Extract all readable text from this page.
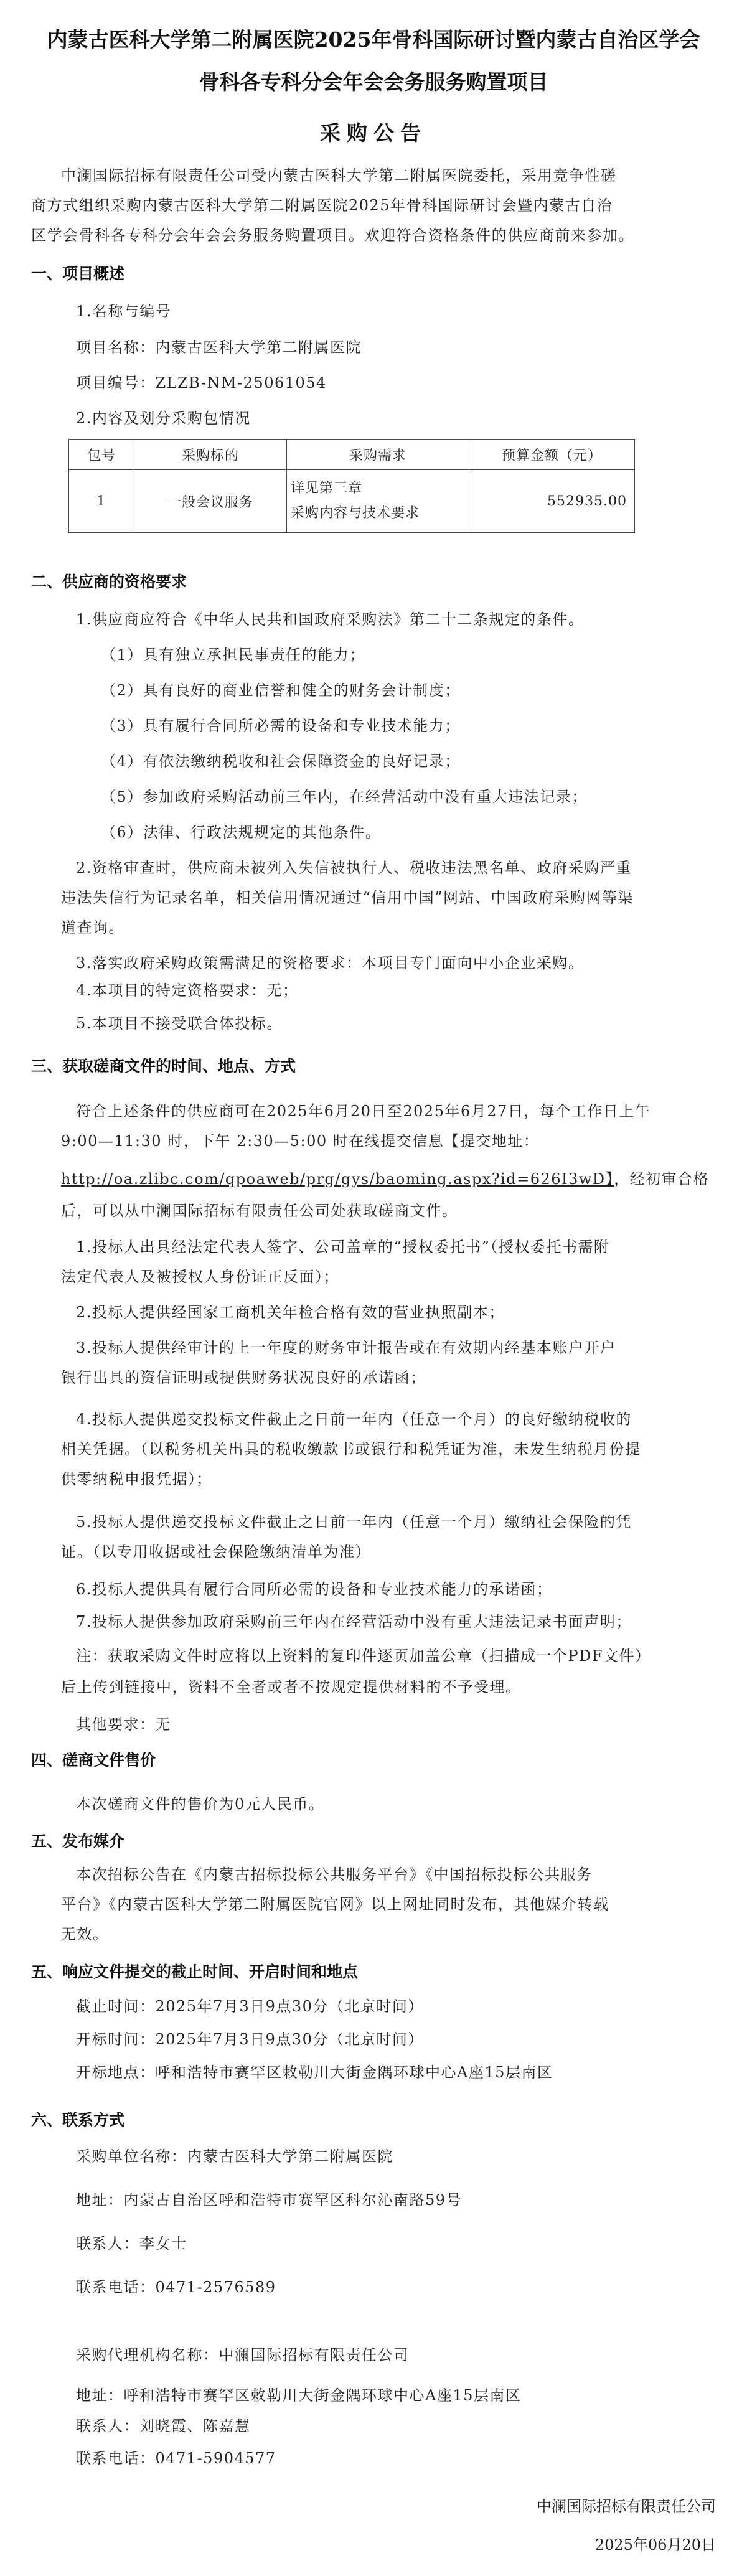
内蒙古医科大学第二附属医院2025年骨科国际研讨暨内蒙古自治区学会
骨科各专科分会年会会务服务购置项目
采购公告
中澜国际招标有限责任公司受内蒙古医科大学第二附属医院委托，采用竞争性磋
商方式组织采购内蒙古医科大学第二附属医院2025年骨科国际研讨会暨内蒙古自治
区学会骨科各专科分会年会会务服务购置项目。欢迎符合资格条件的供应商前来参加。
一、项目概述
1.名称与编号
项目名称：内蒙古医科大学第二附属医院
项目编号：ZLZB-NM-25061054
2.内容及划分采购包情况
包号	采购标的	采购需求	预算金额（元）
1	一般会议服务	详见第三章
采购内容与技术要求	552935.00
二、供应商的资格要求
1.供应商应符合《中华人民共和国政府采购法》第二十二条规定的条件。
（1）具有独立承担民事责任的能力；
（2）具有良好的商业信誉和健全的财务会计制度；
（3）具有履行合同所必需的设备和专业技术能力；
（4）有依法缴纳税收和社会保障资金的良好记录；
（5）参加政府采购活动前三年内，在经营活动中没有重大违法记录；
（6）法律、行政法规规定的其他条件。
2.资格审查时，供应商未被列入失信被执行人、税收违法黑名单、政府采购严重
违法失信行为记录名单，相关信用情况通过“信用中国”网站、中国政府采购网等渠
道查询。
3.落实政府采购政策需满足的资格要求：本项目专门面向中小企业采购。
4.本项目的特定资格要求：无；
5.本项目不接受联合体投标。
三、获取磋商文件的时间、地点、方式
符合上述条件的供应商可在2025年6月20日至2025年6月27日，每个工作日上午
9:00—11:30 时，下午 2:30—5:00 时在线提交信息【提交地址：
http://oa.zlibc.com/qpoaweb/prg/gys/baoming.aspx?id=626I3wD】，经初审合格
后，可以从中澜国际招标有限责任公司处获取磋商文件。
1.投标人出具经法定代表人签字、公司盖章的“授权委托书”（授权委托书需附
法定代表人及被授权人身份证正反面）；
2.投标人提供经国家工商机关年检合格有效的营业执照副本；
3.投标人提供经审计的上一年度的财务审计报告或在有效期内经基本账户开户
银行出具的资信证明或提供财务状况良好的承诺函；
4.投标人提供递交投标文件截止之日前一年内（任意一个月）的良好缴纳税收的
相关凭据。（以税务机关出具的税收缴款书或银行和税凭证为准，未发生纳税月份提
供零纳税申报凭据）；
5.投标人提供递交投标文件截止之日前一年内（任意一个月）缴纳社会保险的凭
证。（以专用收据或社会保险缴纳清单为准）
6.投标人提供具有履行合同所必需的设备和专业技术能力的承诺函；
7.投标人提供参加政府采购前三年内在经营活动中没有重大违法记录书面声明；
注：获取采购文件时应将以上资料的复印件逐页加盖公章（扫描成一个PDF文件）
后上传到链接中，资料不全者或者不按规定提供材料的不予受理。
其他要求：无
四、磋商文件售价
本次磋商文件的售价为0元人民币。
五、发布媒介
本次招标公告在《内蒙古招标投标公共服务平台》《中国招标投标公共服务
平台》《内蒙古医科大学第二附属医院官网》以上网址同时发布，其他媒介转载
无效。
五、响应文件提交的截止时间、开启时间和地点
截止时间：2025年7月3日9点30分（北京时间）
开标时间：2025年7月3日9点30分（北京时间）
开标地点：呼和浩特市赛罕区敕勒川大街金隅环球中心A座15层南区
六、联系方式
采购单位名称：内蒙古医科大学第二附属医院
地址：内蒙古自治区呼和浩特市赛罕区科尔沁南路59号
联系人：李女士
联系电话：0471-2576589
采购代理机构名称：中澜国际招标有限责任公司
地址：呼和浩特市赛罕区敕勒川大街金隅环球中心A座15层南区
联系人：刘晓霞、陈嘉慧
联系电话：0471-5904577
中澜国际招标有限责任公司
2025年06月20日
